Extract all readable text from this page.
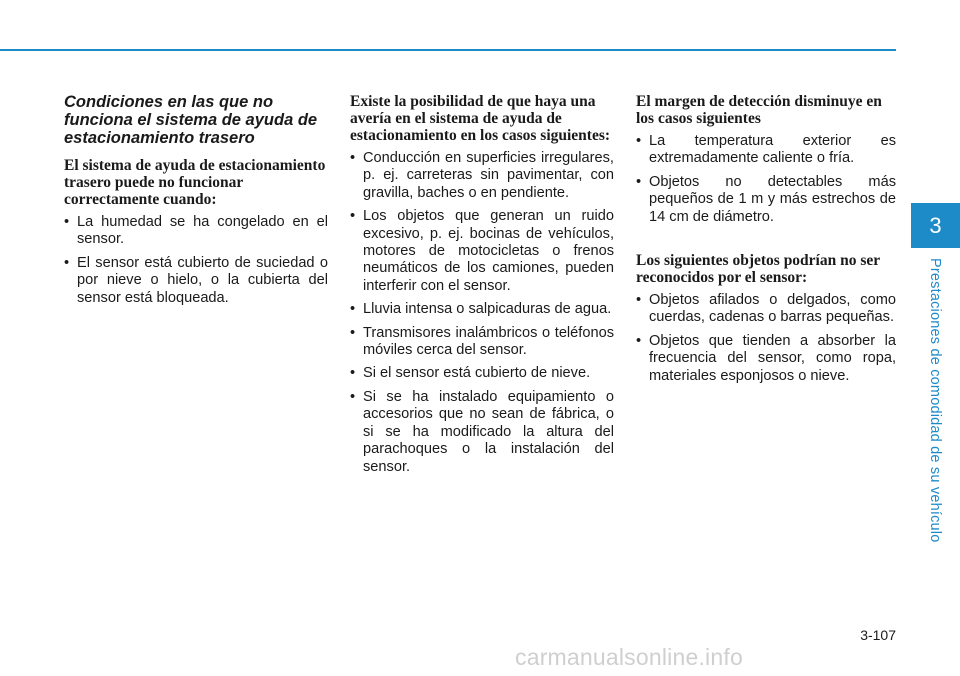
Condiciones en las que no funciona el sistema de ayuda de estacionamiento trasero

El sistema de ayuda de estacionamiento trasero puede no funcionar correctamente cuando:

• La humedad se ha congelado en el sensor.
• El sensor está cubierto de suciedad o por nieve o hielo, o la cubierta del sensor está bloqueada.

Existe la posibilidad de que haya una avería en el sistema de ayuda de estacionamiento en los casos siguientes:

• Conducción en superficies irregulares, p. ej. carreteras sin pavimentar, con gravilla, baches o en pendiente.
• Los objetos que generan un ruido excesivo, p. ej. bocinas de vehículos, motores de motocicletas o frenos neumáticos de los camiones, pueden interferir con el sensor.
• Lluvia intensa o salpicaduras de agua.
• Transmisores inalámbricos o teléfonos móviles cerca del sensor.
• Si el sensor está cubierto de nieve.
• Si se ha instalado equipamiento o accesorios que no sean de fábrica, o si se ha modificado la altura del parachoques o la instalación del sensor.

El margen de detección disminuye en los casos siguientes

• La temperatura exterior es extremadamente caliente o fría.
• Objetos no detectables más pequeños de 1 m y más estrechos de 14 cm de diámetro.

Los siguientes objetos podrían no ser reconocidos por el sensor:

• Objetos afilados o delgados, como cuerdas, cadenas o barras pequeñas.
• Objetos que tienden a absorber la frecuencia del sensor, como ropa, materiales esponjosos o nieve.
3
Prestaciones de comodidad de su vehículo
3-107
carmanualsonline.info
